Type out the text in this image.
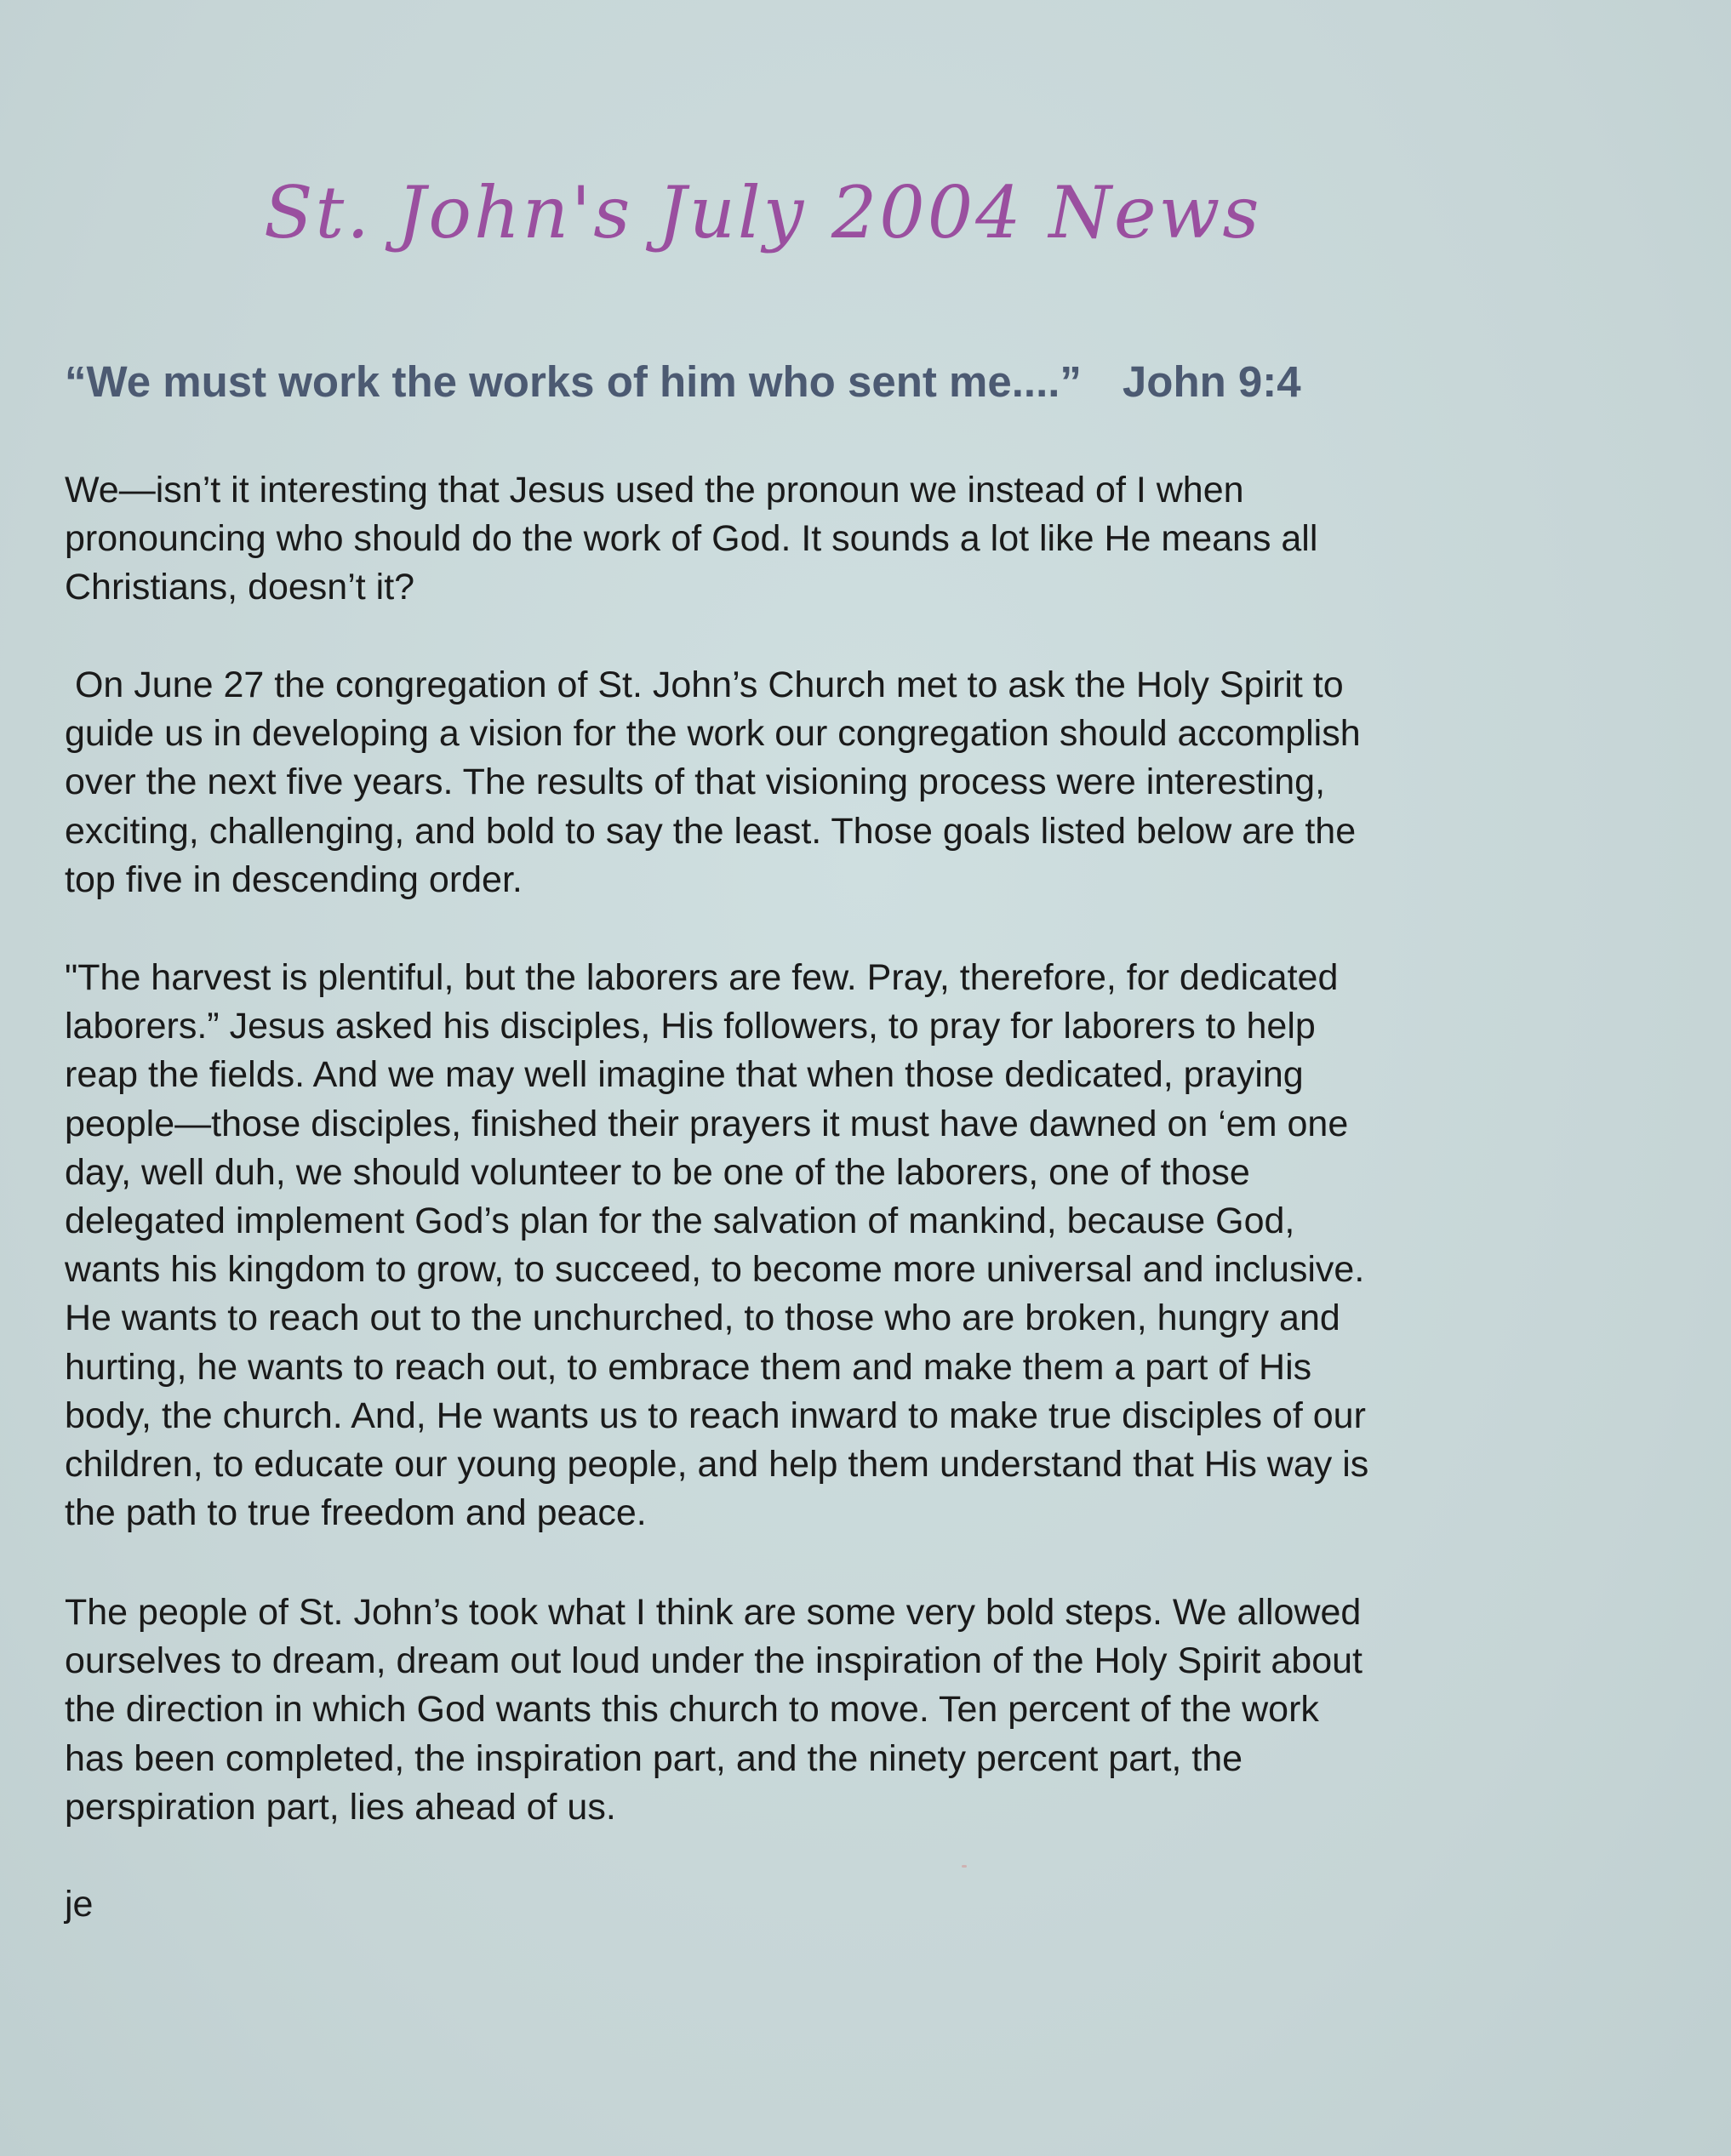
St. John's July 2004 News
“We must work the works of him who sent me....” John 9:4

We—isn’t it interesting that Jesus used the pronoun we instead of I when
pronouncing who should do the work of God. It sounds a lot like He means all
Christians, doesn’t it?

On June 27 the congregation of St. John’s Church met to ask the Holy Spirit to
guide us in developing a vision for the work our congregation should accomplish
over the next five years. The results of that visioning process were interesting,
exciting, challenging, and bold to say the least. Those goals listed below are the
top five in descending order.

"The harvest is plentiful, but the laborers are few. Pray, therefore, for dedicated
laborers.” Jesus asked his disciples, His followers, to pray for laborers to help
reap the fields. And we may well imagine that when those dedicated, praying
people—those disciples, finished their prayers it must have dawned on ‘em one
day, well duh, we should volunteer to be one of the laborers, one of those
delegated implement God’s plan for the salvation of mankind, because God,
wants his kingdom to grow, to succeed, to become more universal and inclusive.
He wants to reach out to the unchurched, to those who are broken, hungry and
hurting, he wants to reach out, to embrace them and make them a part of His
body, the church. And, He wants us to reach inward to make true disciples of our
children, to educate our young people, and help them understand that His way is
the path to true freedom and peace.

The people of St. John’s took what I think are some very bold steps. We allowed
ourselves to dream, dream out loud under the inspiration of the Holy Spirit about
the direction in which God wants this church to move. Ten percent of the work
has been completed, the inspiration part, and the ninety percent part, the
perspiration part, lies ahead of us.

je
